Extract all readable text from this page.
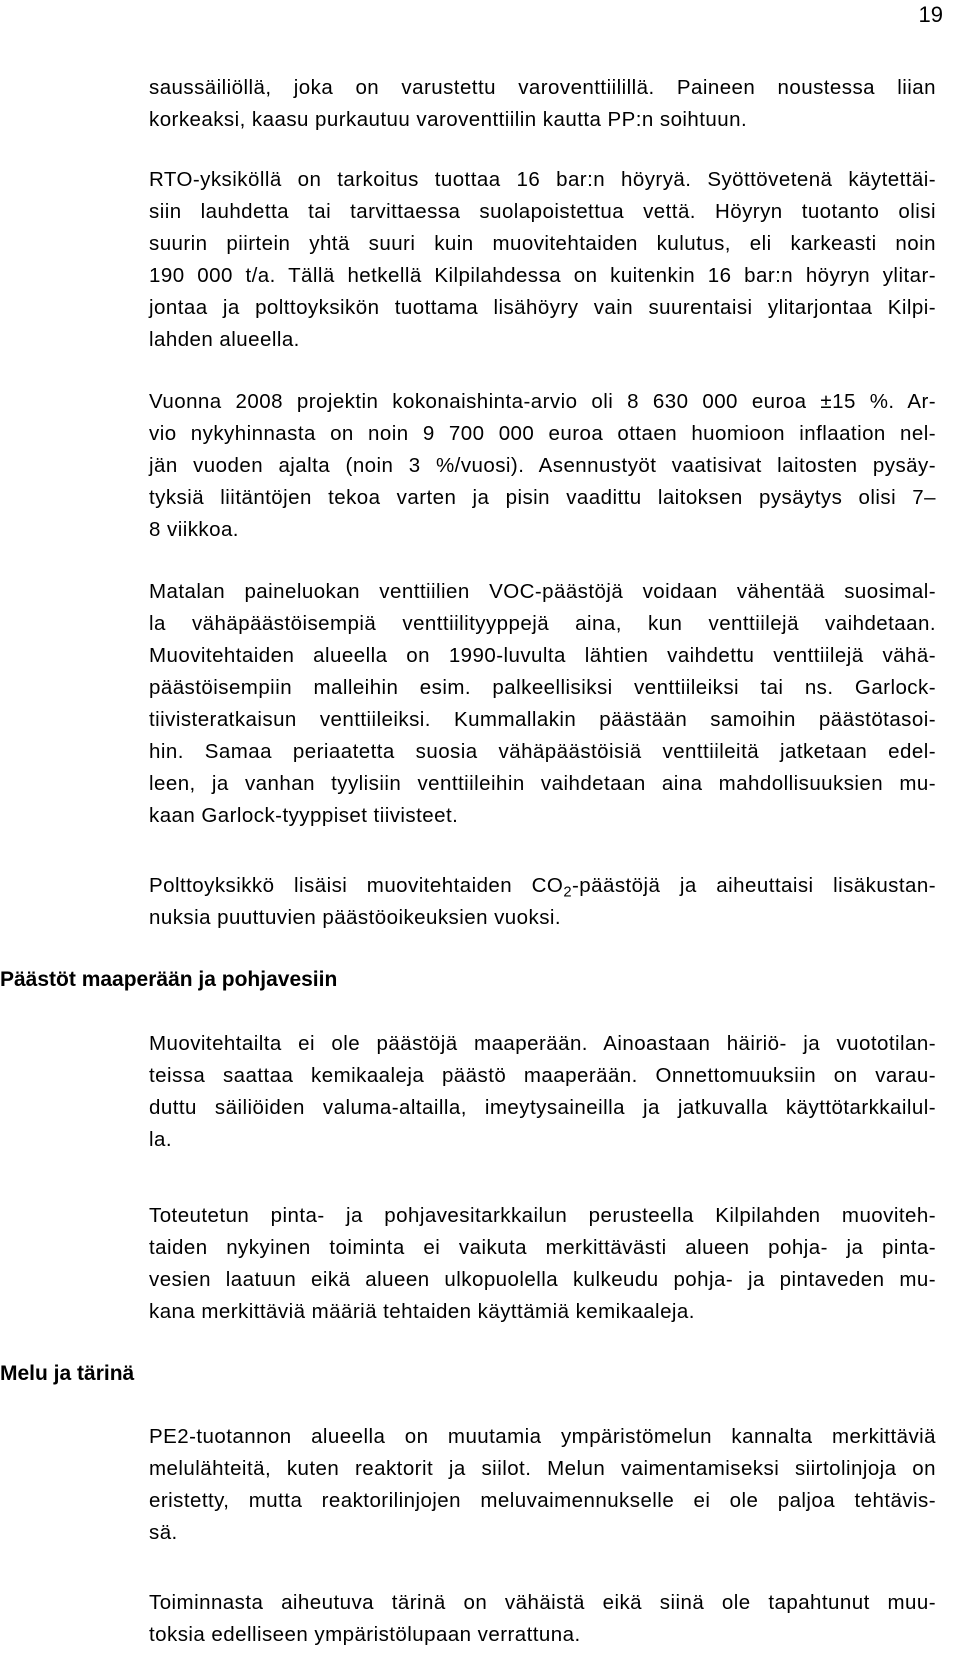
19
saussäiliöllä, joka on varustettu varoventtiilillä. Paineen noustessa liian
korkeaksi, kaasu purkautuu varoventtiilin kautta PP:n soihtuun.
RTO-yksiköllä on tarkoitus tuottaa 16 bar:n höyryä. Syöttövetenä käytettäi-
siin lauhdetta tai tarvittaessa suolapoistettua vettä. Höyryn tuotanto olisi
suurin piirtein yhtä suuri kuin muovitehtaiden kulutus, eli karkeasti noin
190 000 t/a. Tällä hetkellä Kilpilahdessa on kuitenkin 16 bar:n höyryn ylitar-
jontaa ja polttoyksikön tuottama lisähöyry vain suurentaisi ylitarjontaa Kilpi-
lahden alueella.
Vuonna 2008 projektin kokonaishinta-arvio oli 8 630 000 euroa ±15 %. Ar-
vio nykyhinnasta on noin 9 700 000 euroa ottaen huomioon inflaation nel-
jän vuoden ajalta (noin 3 %/vuosi). Asennustyöt vaatisivat laitosten pysäy-
tyksiä liitäntöjen tekoa varten ja pisin vaadittu laitoksen pysäytys olisi 7–
8 viikkoa.
Matalan paineluokan venttiilien VOC-päästöjä voidaan vähentää suosimal-
la vähäpäästöisempiä venttiilityyppejä aina, kun venttiilejä vaihdetaan.
Muovitehtaiden alueella on 1990-luvulta lähtien vaihdettu venttiilejä vähä-
päästöisempiin malleihin esim. palkeellisiksi venttiileiksi tai ns. Garlock-
tiivisteratkaisun venttiileiksi. Kummallakin päästään samoihin päästötasoi-
hin. Samaa periaatetta suosia vähäpäästöisiä venttiileitä jatketaan edel-
leen, ja vanhan tyylisiin venttiileihin vaihdetaan aina mahdollisuuksien mu-
kaan Garlock-tyyppiset tiivisteet.
Polttoyksikkö lisäisi muovitehtaiden $CO_2$-päästöjä ja aiheuttaisi lisäkustan-
nuksia puuttuvien päästöoikeuksien vuoksi.
Päästöt maaperään ja pohjavesiin
Muovitehtailta ei ole päästöjä maaperään. Ainoastaan häiriö- ja vuototilan-
teissa saattaa kemikaaleja päästö maaperään. Onnettomuuksiin on varau-
duttu säiliöiden valuma-altailla, imeytysaineilla ja jatkuvalla käyttötarkkailul-
la.
Toteutetun pinta- ja pohjavesitarkkailun perusteella Kilpilahden muoviteh-
taiden nykyinen toiminta ei vaikuta merkittävästi alueen pohja- ja pinta-
vesien laatuun eikä alueen ulkopuolella kulkeudu pohja- ja pintaveden mu-
kana merkittäviä määriä tehtaiden käyttämiä kemikaaleja.
Melu ja tärinä
PE2-tuotannon alueella on muutamia ympäristömelun kannalta merkittäviä
melulähteitä, kuten reaktorit ja siilot. Melun vaimentamiseksi siirtolinjoja on
eristetty, mutta reaktorilinjojen meluvaimennukselle ei ole paljoa tehtävis-
sä.
Toiminnasta aiheutuva tärinä on vähäistä eikä siinä ole tapahtunut muu-
toksia edelliseen ympäristölupaan verrattuna.
